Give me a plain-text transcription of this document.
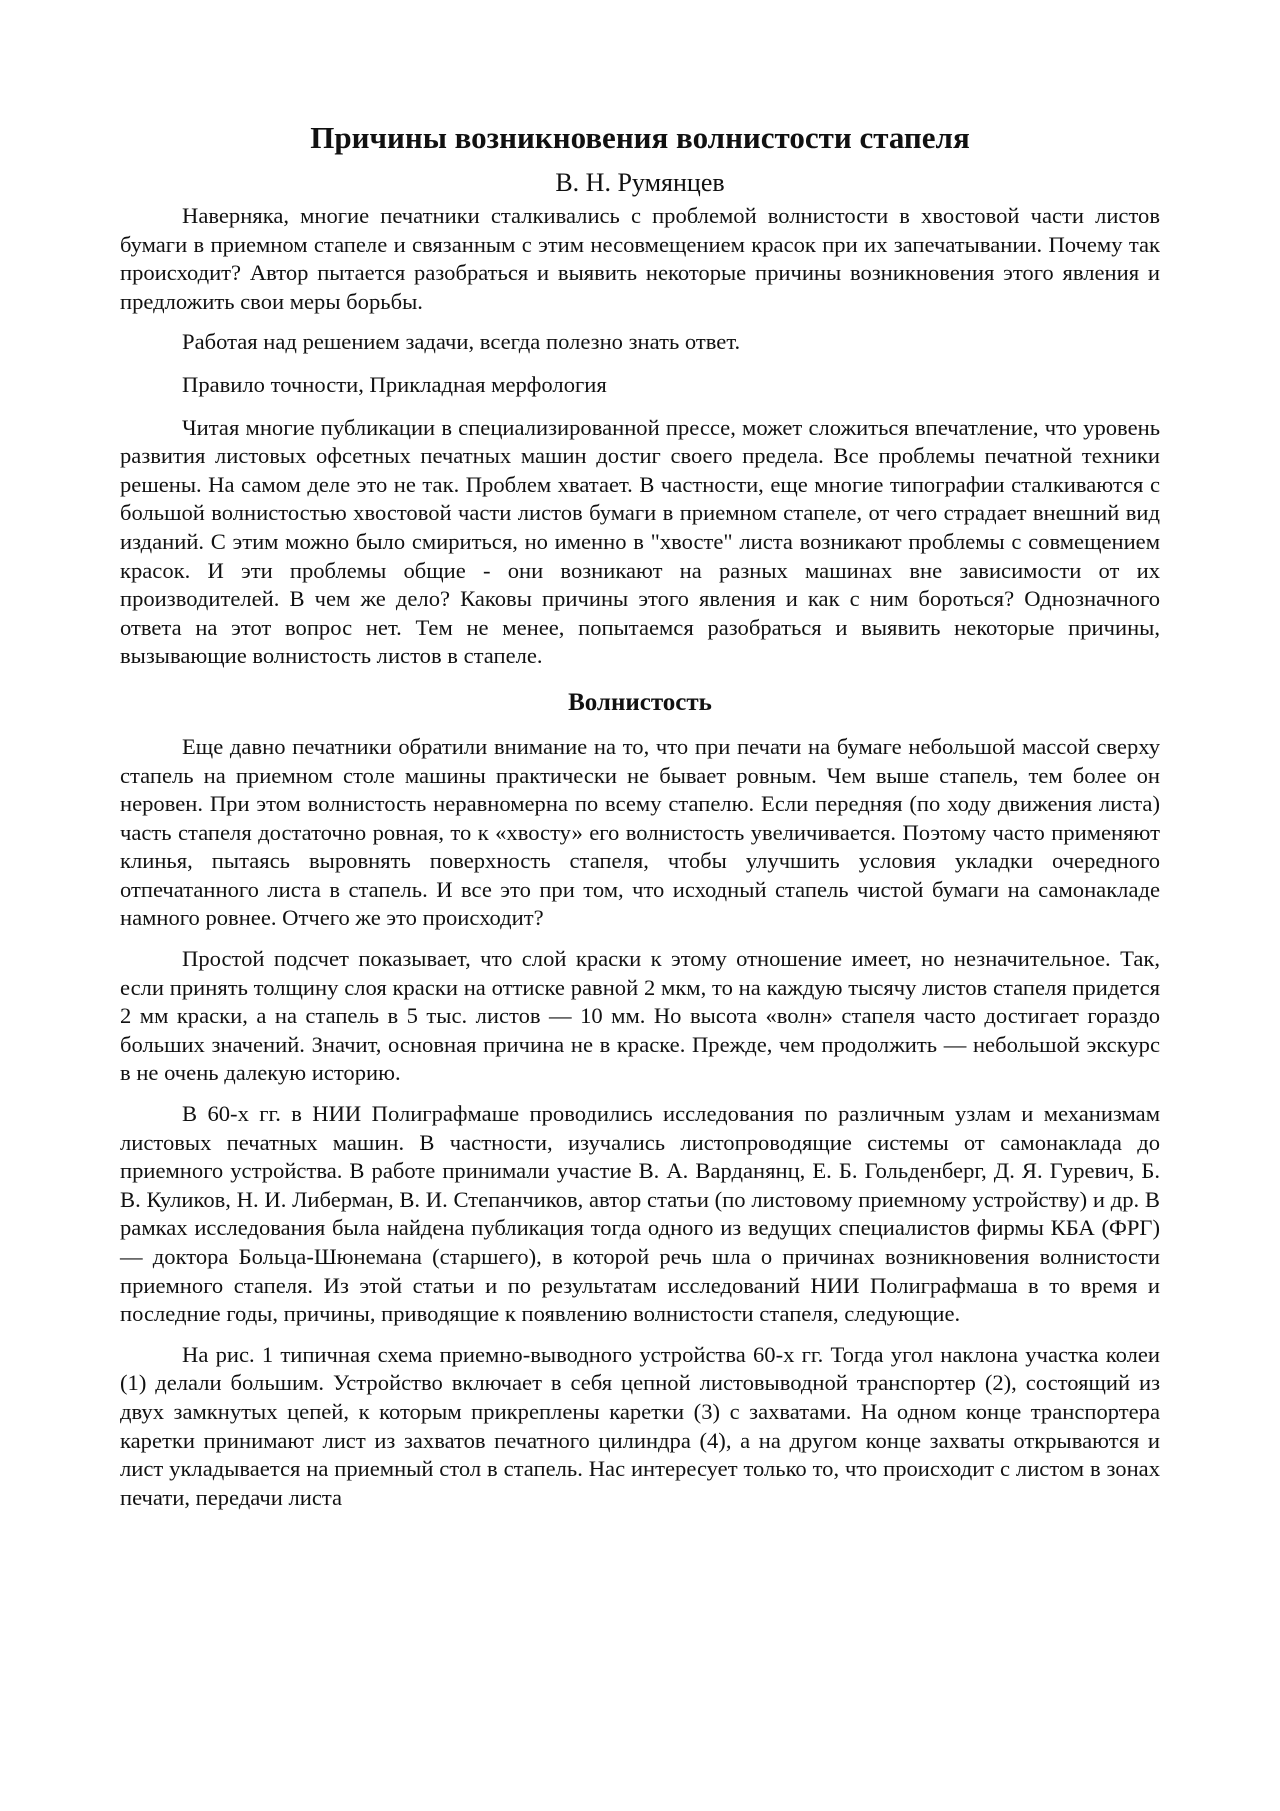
Причины возникновения волнистости стапеля
В. Н. Румянцев

Наверняка, многие печатники сталкивались с проблемой волнистости в хвостовой части листов бумаги в приемном стапеле и связанным с этим несовмещением красок при их запечатывании. Почему так происходит? Автор пытается разобраться и выявить некоторые причины возникновения этого явления и предложить свои меры борьбы.

Работая над решением задачи, всегда полезно знать ответ.

Правило точности, Прикладная мерфология

Читая многие публикации в специализированной прессе, может сложиться впечатление, что уровень развития листовых офсетных печатных машин достиг своего предела. Все проблемы печатной техники решены. На самом деле это не так. Проблем хватает. В частности, еще многие типографии сталкиваются с большой волнистостью хвостовой части листов бумаги в приемном стапеле, от чего страдает внешний вид изданий. С этим можно было смириться, но именно в "хвосте" листа возникают проблемы с совмещением красок. И эти проблемы общие - они возникают на разных машинах вне зависимости от их производителей. В чем же дело? Каковы причины этого явления и как с ним бороться? Однозначного ответа на этот вопрос нет. Тем не менее, попытаемся разобраться и выявить некоторые причины, вызывающие волнистость листов в стапеле.

Волнистость

Еще давно печатники обратили внимание на то, что при печати на бумаге небольшой массой сверху стапель на приемном столе машины практически не бывает ровным. Чем выше стапель, тем более он неровен. При этом волнистость неравномерна по всему стапелю. Если передняя (по ходу движения листа) часть стапеля достаточно ровная, то к «хвосту» его волнистость увеличивается. Поэтому часто применяют клинья, пытаясь выровнять поверхность стапеля, чтобы улучшить условия укладки очередного отпечатанного листа в стапель. И все это при том, что исходный стапель чистой бумаги на самонакладе намного ровнее. Отчего же это происходит?

Простой подсчет показывает, что слой краски к этому отношение имеет, но незначительное. Так, если принять толщину слоя краски на оттиске равной 2 мкм, то на каждую тысячу листов стапеля придется 2 мм краски, а на стапель в 5 тыс. листов — 10 мм. Но высота «волн» стапеля часто достигает гораздо больших значений. Значит, основная причина не в краске. Прежде, чем продолжить — небольшой экскурс в не очень далекую историю.

В 60-х гг. в НИИ Полиграфмаше проводились исследования по различным узлам и механизмам листовых печатных машин. В частности, изучались листопроводящие системы от самонаклада до приемного устройства. В работе принимали участие В. А. Варданянц, Е. Б. Гольденберг, Д. Я. Гуревич, Б. В. Куликов, Н. И. Либерман, В. И. Степанчиков, автор статьи (по листовому приемному устройству) и др. В рамках исследования была найдена публикация тогда одного из ведущих специалистов фирмы КБА (ФРГ) — доктора Больца-Шюнемана (старшего), в которой речь шла о причинах возникновения волнистости приемного стапеля. Из этой статьи и по результатам исследований НИИ Полиграфмаша в то время и последние годы, причины, приводящие к появлению волнистости стапеля, следующие.

На рис. 1 типичная схема приемно-выводного устройства 60-х гг. Тогда угол наклона участка колеи (1) делали большим. Устройство включает в себя цепной листовыводной транспортер (2), состоящий из двух замкнутых цепей, к которым прикреплены каретки (3) с захватами. На одном конце транспортера каретки принимают лист из захватов печатного цилиндра (4), а на другом конце захваты открываются и лист укладывается на приемный стол в стапель. Нас интересует только то, что происходит с листом в зонах печати, передачи листа
